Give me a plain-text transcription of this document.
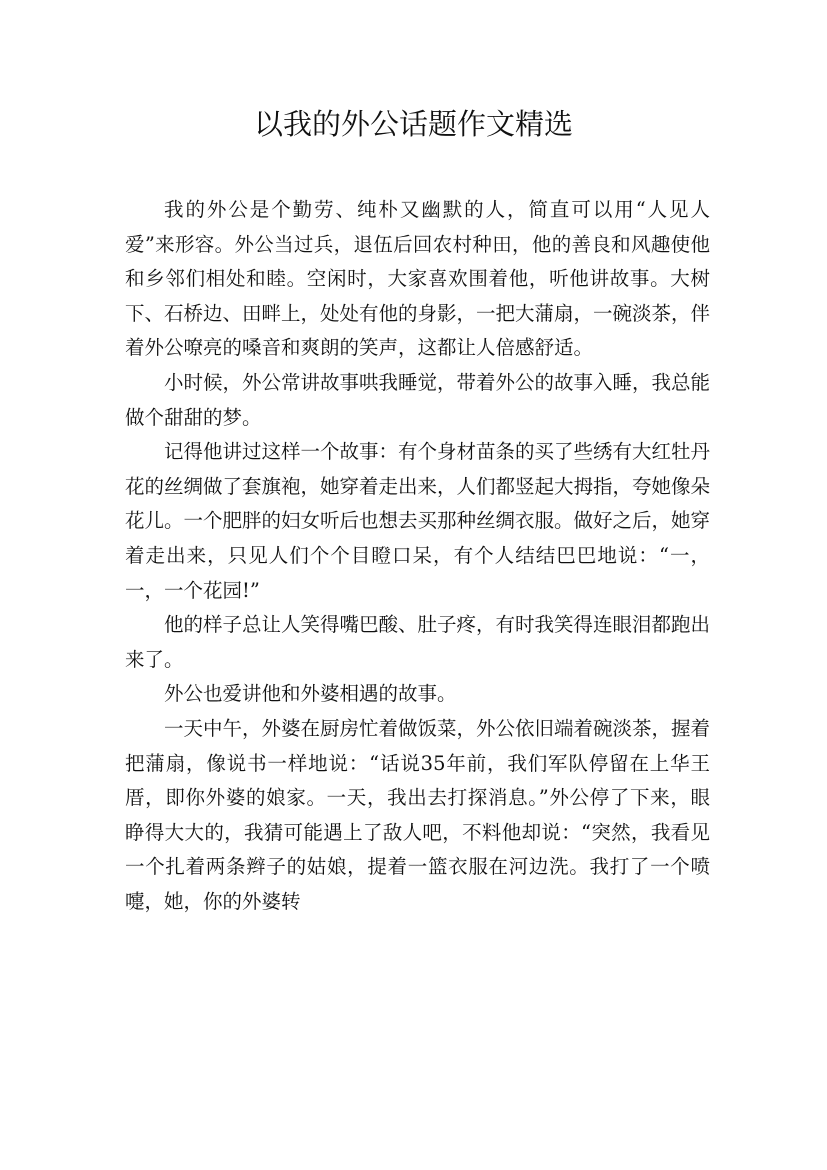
以我的外公话题作文精选

我的外公是个勤劳、纯朴又幽默的人，简直可以用“人见人爱”来形容。外公当过兵，退伍后回农村种田，他的善良和风趣使他和乡邻们相处和睦。空闲时，大家喜欢围着他，听他讲故事。大树下、石桥边、田畔上，处处有他的身影，一把大蒲扇，一碗淡茶，伴着外公嘹亮的嗓音和爽朗的笑声，这都让人倍感舒适。

小时候，外公常讲故事哄我睡觉，带着外公的故事入睡，我总能做个甜甜的梦。

记得他讲过这样一个故事：有个身材苗条的买了些绣有大红牡丹花的丝绸做了套旗袍，她穿着走出来，人们都竖起大拇指，夸她像朵花儿。一个肥胖的妇女听后也想去买那种丝绸衣服。做好之后，她穿着走出来，只见人们个个目瞪口呆，有个人结结巴巴地说：“一，一，一个花园!”

他的样子总让人笑得嘴巴酸、肚子疼，有时我笑得连眼泪都跑出来了。

外公也爱讲他和外婆相遇的故事。

一天中午，外婆在厨房忙着做饭菜，外公依旧端着碗淡茶，握着把蒲扇，像说书一样地说：“话说35年前，我们军队停留在上华王厝，即你外婆的娘家。一天，我出去打探消息。”外公停了下来，眼睁得大大的，我猜可能遇上了敌人吧，不料他却说：“突然，我看见一个扎着两条辫子的姑娘，提着一篮衣服在河边洗。我打了一个喷嚏，她，你的外婆转
